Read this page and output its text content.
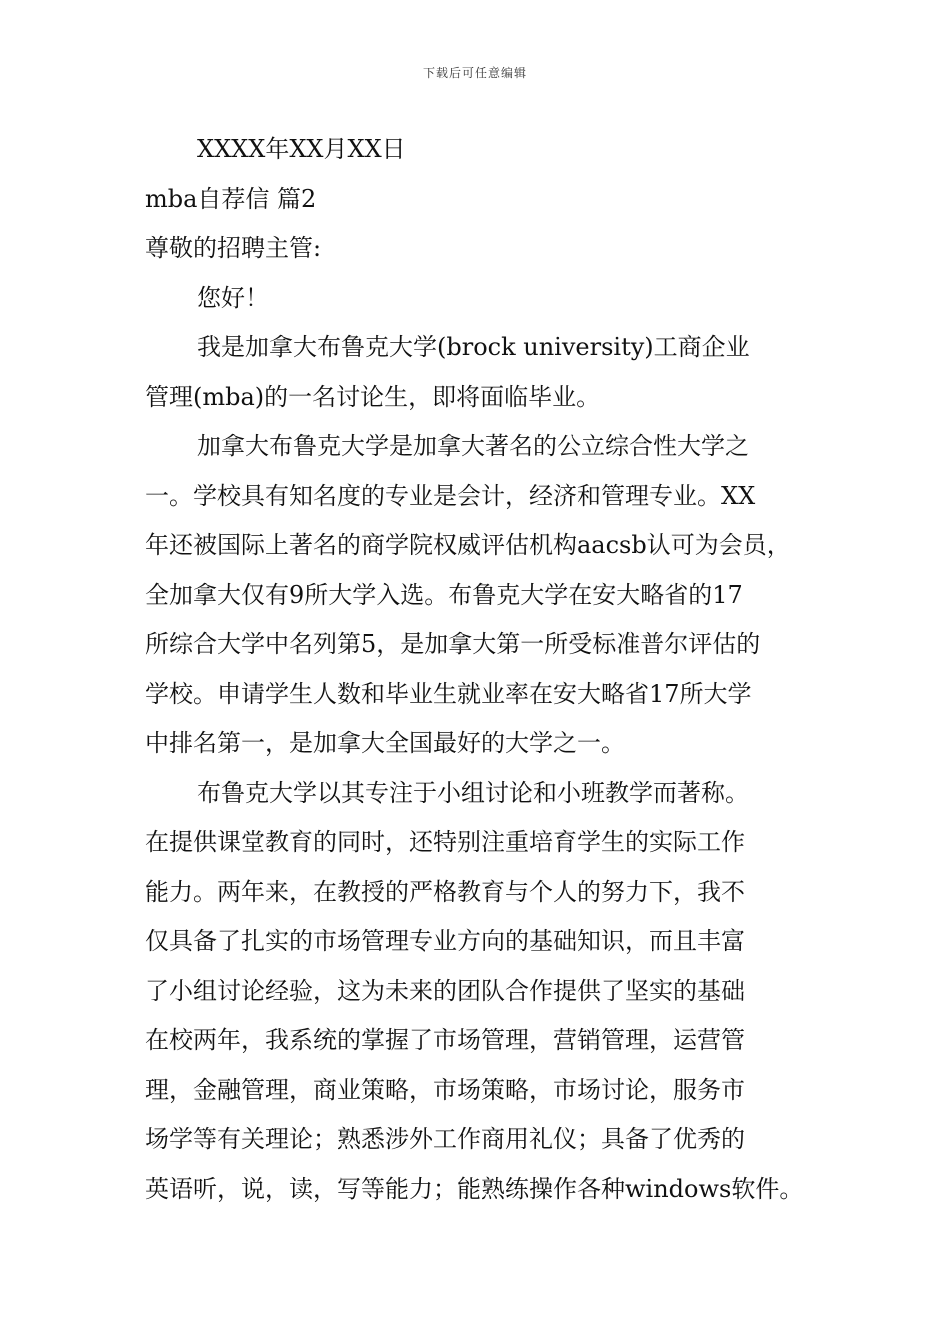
下载后可任意编辑
XXXX年XX月XX日
mba自荐信 篇2
尊敬的招聘主管:
您好！
我是加拿大布鲁克大学(brock university)工商企业
管理(mba)的一名讨论生，即将面临毕业。
加拿大布鲁克大学是加拿大著名的公立综合性大学之
一。学校具有知名度的专业是会计，经济和管理专业。XX
年还被国际上著名的商学院权威评估机构aacsb认可为会员，
全加拿大仅有9所大学入选。布鲁克大学在安大略省的17
所综合大学中名列第5，是加拿大第一所受标准普尔评估的
学校。申请学生人数和毕业生就业率在安大略省17所大学
中排名第一，是加拿大全国最好的大学之一。
布鲁克大学以其专注于小组讨论和小班教学而著称。
在提供课堂教育的同时，还特别注重培育学生的实际工作
能力。两年来，在教授的严格教育与个人的努力下，我不
仅具备了扎实的市场管理专业方向的基础知识，而且丰富
了小组讨论经验，这为未来的团队合作提供了坚实的基础
在校两年，我系统的掌握了市场管理，营销管理，运营管
理，金融管理，商业策略，市场策略，市场讨论，服务市
场学等有关理论；熟悉涉外工作商用礼仪；具备了优秀的
英语听，说，读，写等能力；能熟练操作各种windows软件。
